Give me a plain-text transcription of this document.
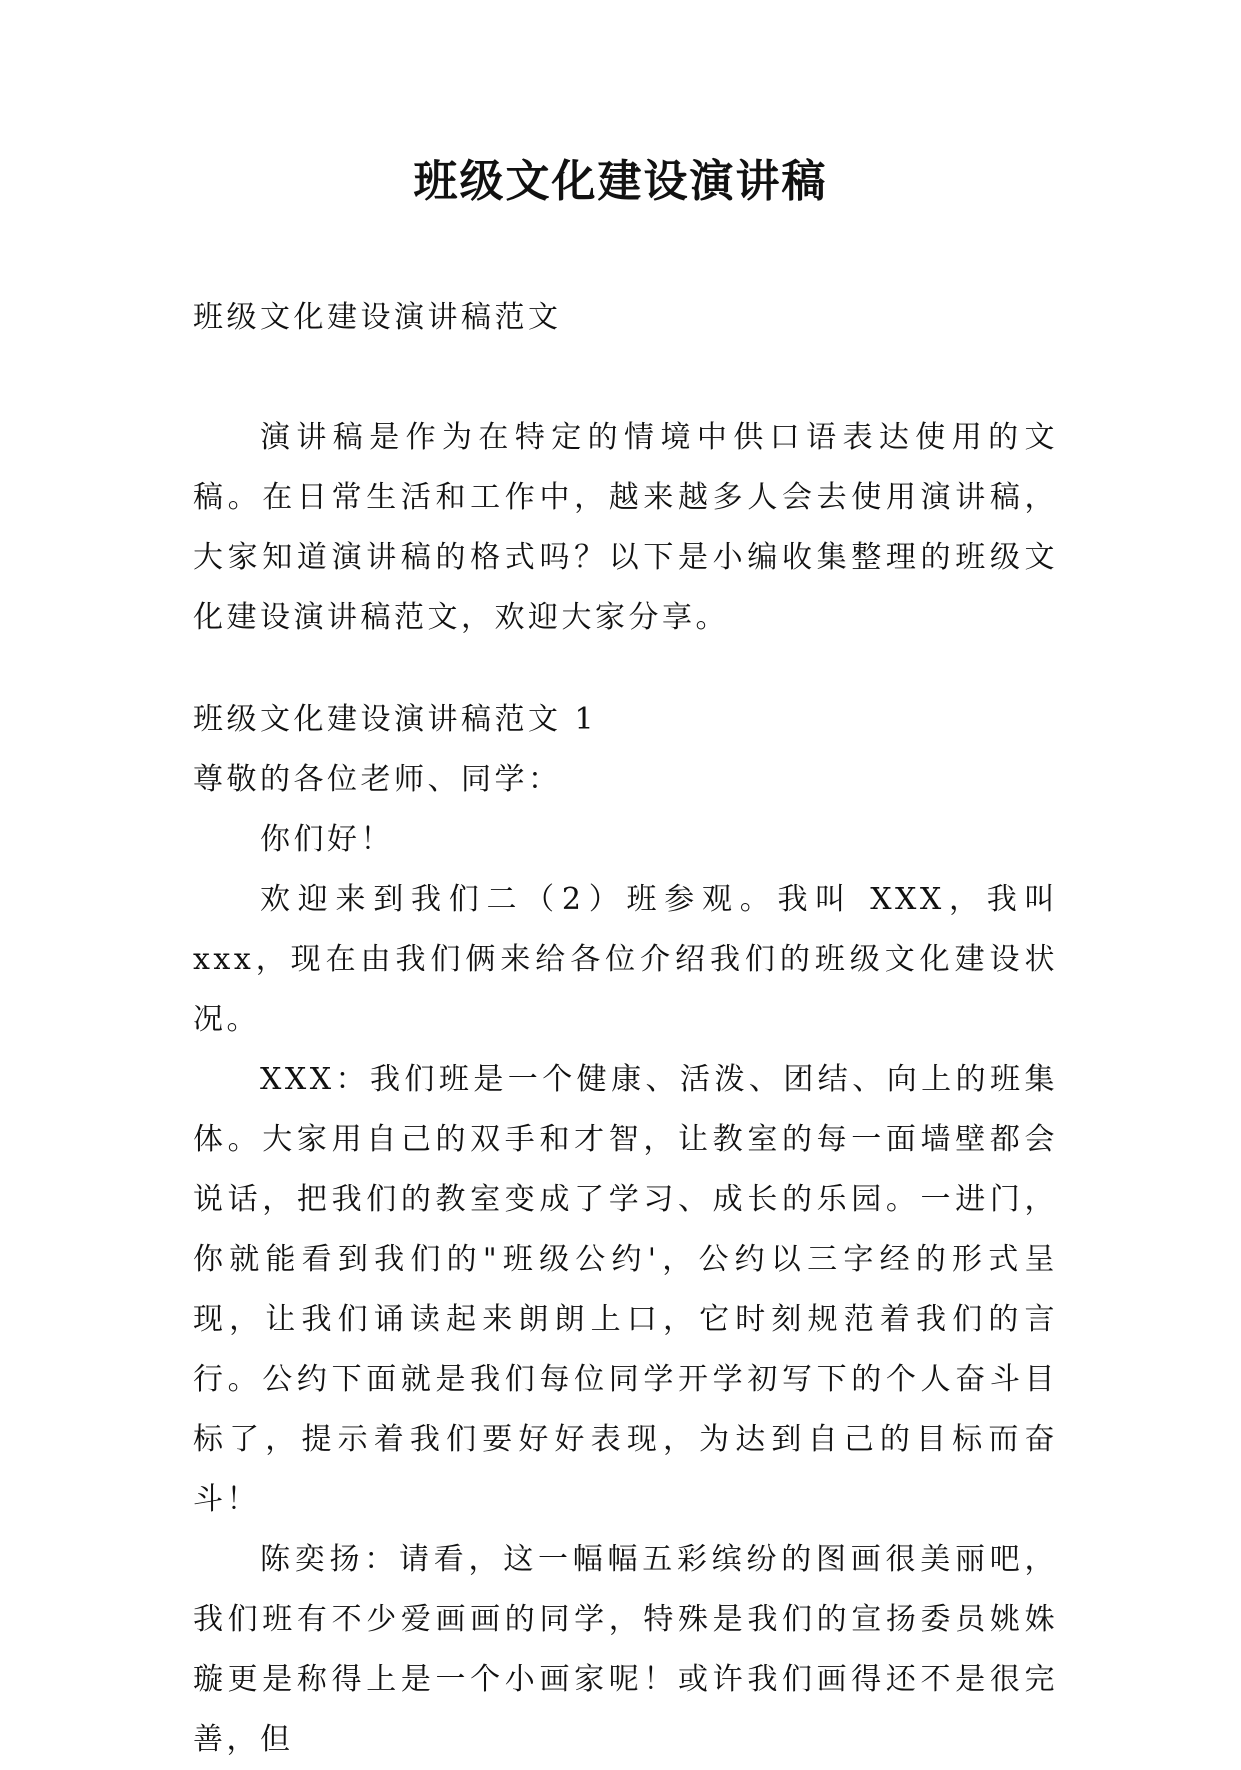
班级文化建设演讲稿

班级文化建设演讲稿范文

演讲稿是作为在特定的情境中供口语表达使用的文稿。在日常生活和工作中，越来越多人会去使用演讲稿，大家知道演讲稿的格式吗？以下是小编收集整理的班级文化建设演讲稿范文，欢迎大家分享。

班级文化建设演讲稿范文 1

尊敬的各位老师、同学：

你们好！

欢迎来到我们二（2）班参观。我叫 XXX，我叫 xxx，现在由我们俩来给各位介绍我们的班级文化建设状况。

XXX：我们班是一个健康、活泼、团结、向上的班集体。大家用自己的双手和才智，让教室的每一面墙壁都会说话，把我们的教室变成了学习、成长的乐园。一进门，你就能看到我们的"班级公约'，公约以三字经的形式呈现，让我们诵读起来朗朗上口，它时刻规范着我们的言行。公约下面就是我们每位同学开学初写下的个人奋斗目标了，提示着我们要好好表现，为达到自己的目标而奋斗！

陈奕扬：请看，这一幅幅五彩缤纷的图画很美丽吧，我们班有不少爱画画的同学，特殊是我们的宣扬委员姚姝璇更是称得上是一个小画家呢！或许我们画得还不是很完善，但
